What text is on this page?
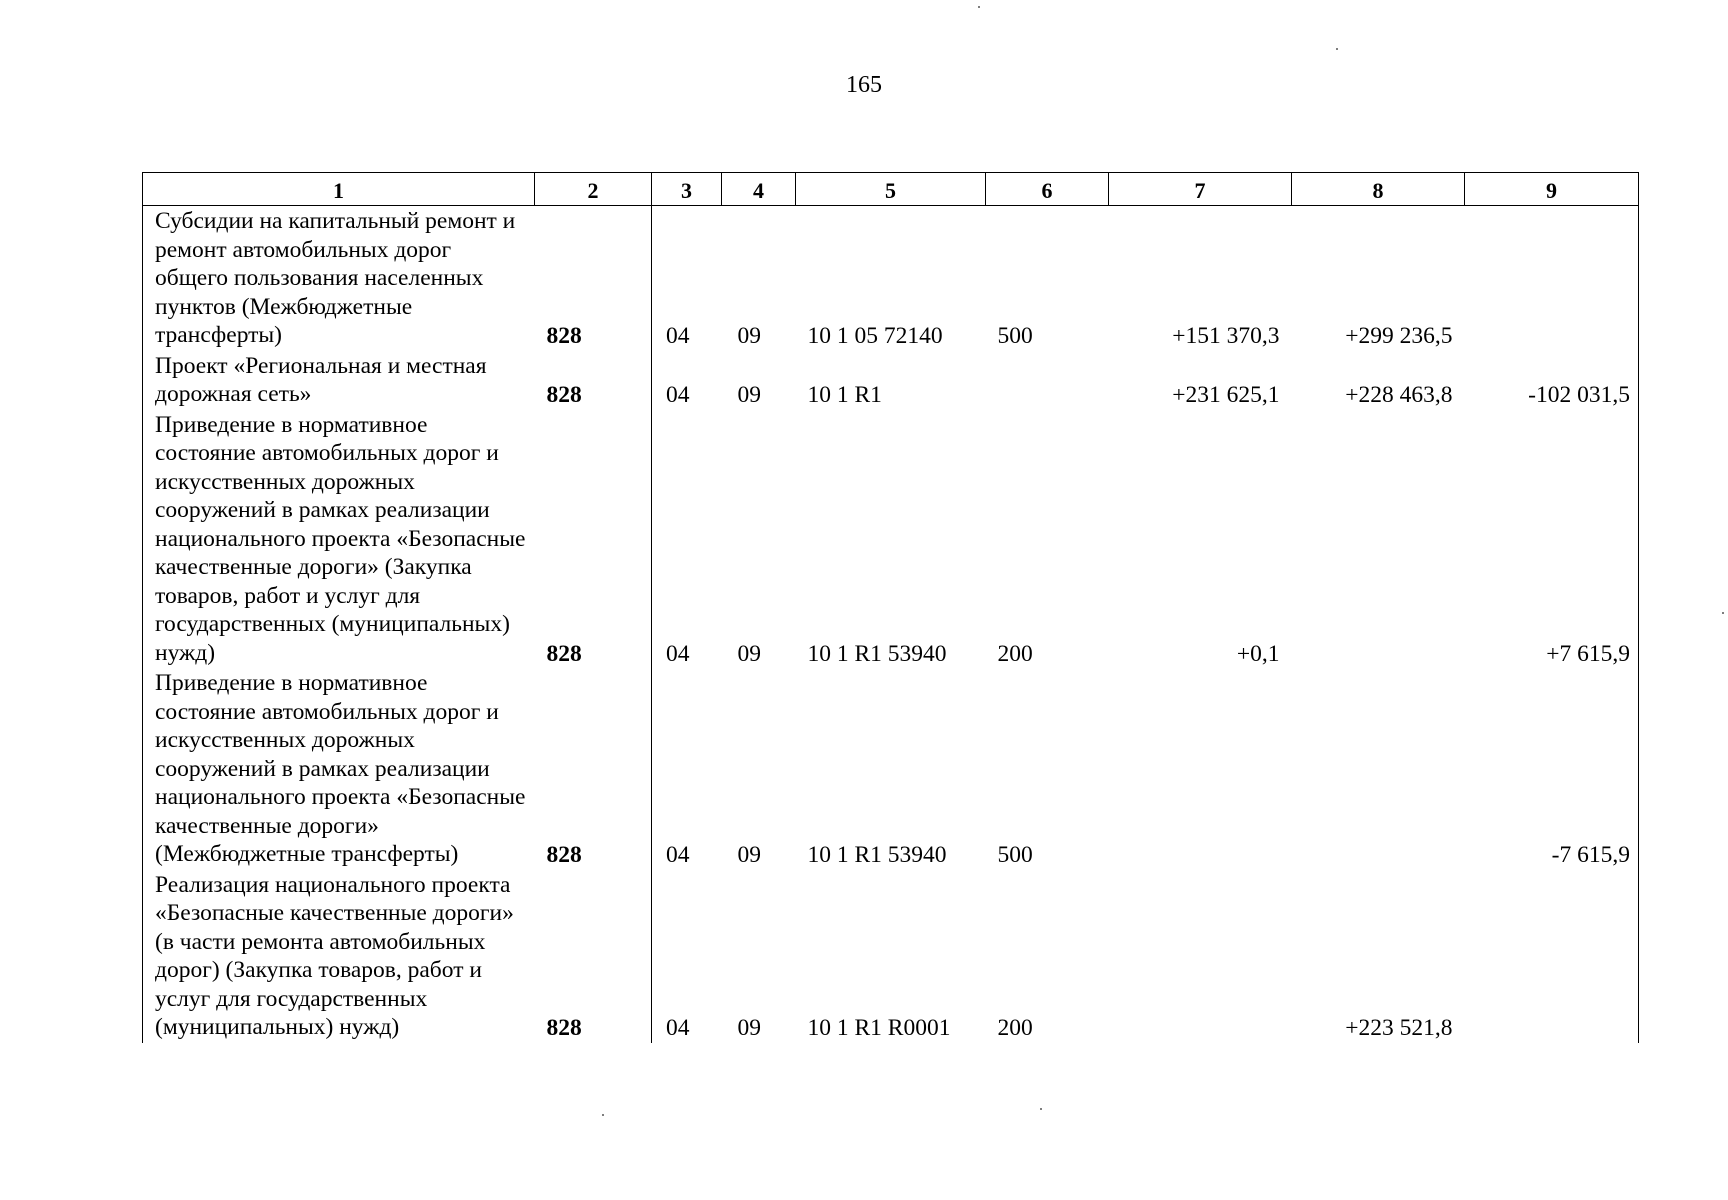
165
1	2	3	4	5	6	7	8	9
Субсидии на капитальный ремонт и ремонт автомобильных дорог общего пользования населенных пунктов (Межбюджетные трансферты)	828	04	09	10 1 05 72140	500	+151 370,3	+299 236,5	
Проект «Региональная и местная дорожная сеть»	828	04	09	10 1 R1		+231 625,1	+228 463,8	-102 031,5
Приведение в нормативное состояние автомобильных дорог и искусственных дорожных сооружений в рамках реализации национального проекта «Безопасные качественные дороги» (Закупка товаров, работ и услуг для государственных (муниципальных) нужд)	828	04	09	10 1 R1 53940	200	+0,1		+7 615,9
Приведение в нормативное состояние автомобильных дорог и искусственных дорожных сооружений в рамках реализации национального проекта «Безопасные качественные дороги» (Межбюджетные трансферты)	828	04	09	10 1 R1 53940	500			-7 615,9
Реализация национального проекта «Безопасные качественные дороги» (в части ремонта автомобильных дорог) (Закупка товаров, работ и услуг для государственных (муниципальных) нужд)	828	04	09	10 1 R1 R0001	200		+223 521,8	
